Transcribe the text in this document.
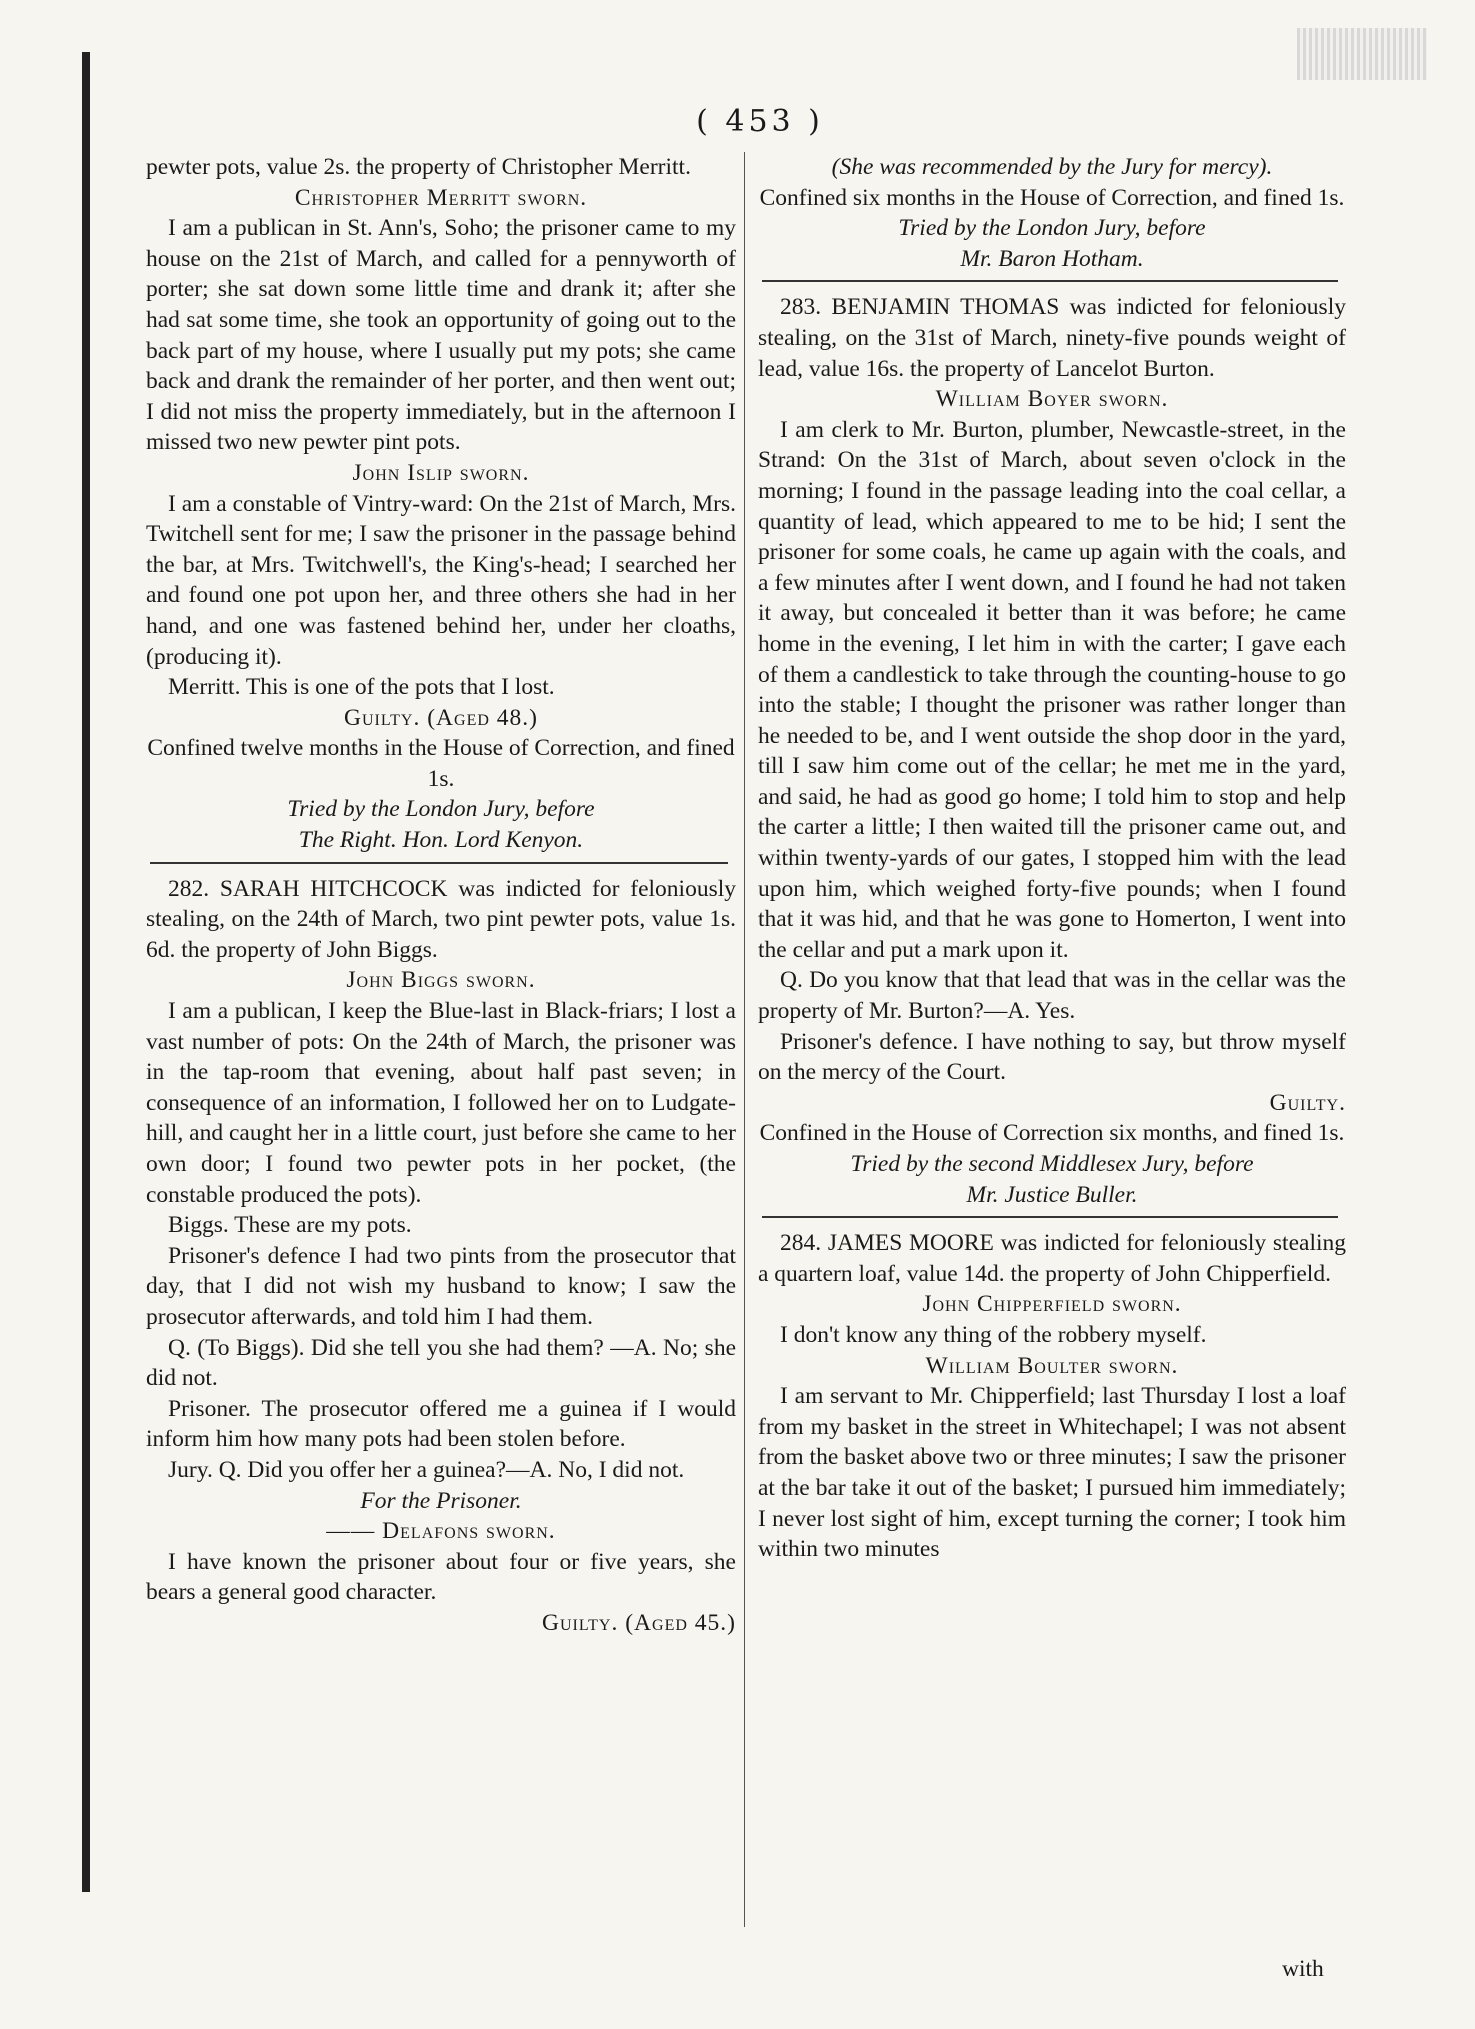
( 453 )

pewter pots, value 2s. the property of Christopher Merritt.

Christopher Merritt sworn.

I am a publican in St. Ann's, Soho; the prisoner came to my house on the 21st of March, and called for a pennyworth of porter; she sat down some little time and drank it; after she had sat some time, she took an opportunity of going out to the back part of my house, where I usually put my pots; she came back and drank the remainder of her porter, and then went out; I did not miss the property immediately, but in the afternoon I missed two new pewter pint pots.

John Islip sworn.

I am a constable of Vintry-ward: On the 21st of March, Mrs. Twitchell sent for me; I saw the prisoner in the passage behind the bar, at Mrs. Twitchwell's, the King's-head; I searched her and found one pot upon her, and three others she had in her hand, and one was fastened behind her, under her cloaths, (producing it).

Merritt. This is one of the pots that I lost.

Guilty. (Aged 48.)

Confined twelve months in the House of Correction, and fined 1s.

Tried by the London Jury, before

The Right. Hon. Lord Kenyon.

282. SARAH HITCHCOCK was indicted for feloniously stealing, on the 24th of March, two pint pewter pots, value 1s. 6d. the property of John Biggs.

John Biggs sworn.

I am a publican, I keep the Blue-last in Black-friars; I lost a vast number of pots: On the 24th of March, the prisoner was in the tap-room that evening, about half past seven; in consequence of an information, I followed her on to Ludgate-hill, and caught her in a little court, just before she came to her own door; I found two pewter pots in her pocket, (the constable produced the pots).

Biggs. These are my pots.

Prisoner's defence I had two pints from the prosecutor that day, that I did not wish my husband to know; I saw the prosecutor afterwards, and told him I had them.

Q. (To Biggs). Did she tell you she had them? —A. No; she did not.

Prisoner. The prosecutor offered me a guinea if I would inform him how many pots had been stolen before.

Jury. Q. Did you offer her a guinea?—A. No, I did not.

For the Prisoner.

—— Delafons sworn.

I have known the prisoner about four or five years, she bears a general good character.

Guilty. (Aged 45.)

(She was recommended by the Jury for mercy).

Confined six months in the House of Correction, and fined 1s.

Tried by the London Jury, before

Mr. Baron Hotham.

283. BENJAMIN THOMAS was indicted for feloniously stealing, on the 31st of March, ninety-five pounds weight of lead, value 16s. the property of Lancelot Burton.

William Boyer sworn.

I am clerk to Mr. Burton, plumber, Newcastle-street, in the Strand: On the 31st of March, about seven o'clock in the morning; I found in the passage leading into the coal cellar, a quantity of lead, which appeared to me to be hid; I sent the prisoner for some coals, he came up again with the coals, and a few minutes after I went down, and I found he had not taken it away, but concealed it better than it was before; he came home in the evening, I let him in with the carter; I gave each of them a candlestick to take through the counting-house to go into the stable; I thought the prisoner was rather longer than he needed to be, and I went outside the shop door in the yard, till I saw him come out of the cellar; he met me in the yard, and said, he had as good go home; I told him to stop and help the carter a little; I then waited till the prisoner came out, and within twenty-yards of our gates, I stopped him with the lead upon him, which weighed forty-five pounds; when I found that it was hid, and that he was gone to Homerton, I went into the cellar and put a mark upon it.

Q. Do you know that that lead that was in the cellar was the property of Mr. Burton?—A. Yes.

Prisoner's defence. I have nothing to say, but throw myself on the mercy of the Court.

Guilty.

Confined in the House of Correction six months, and fined 1s.

Tried by the second Middlesex Jury, before

Mr. Justice Buller.

284. JAMES MOORE was indicted for feloniously stealing a quartern loaf, value 14d. the property of John Chipperfield.

John Chipperfield sworn.

I don't know any thing of the robbery myself.

William Boulter sworn.

I am servant to Mr. Chipperfield; last Thursday I lost a loaf from my basket in the street in Whitechapel; I was not absent from the basket above two or three minutes; I saw the prisoner at the bar take it out of the basket; I pursued him immediately; I never lost sight of him, except turning the corner; I took him within two minutes

with
